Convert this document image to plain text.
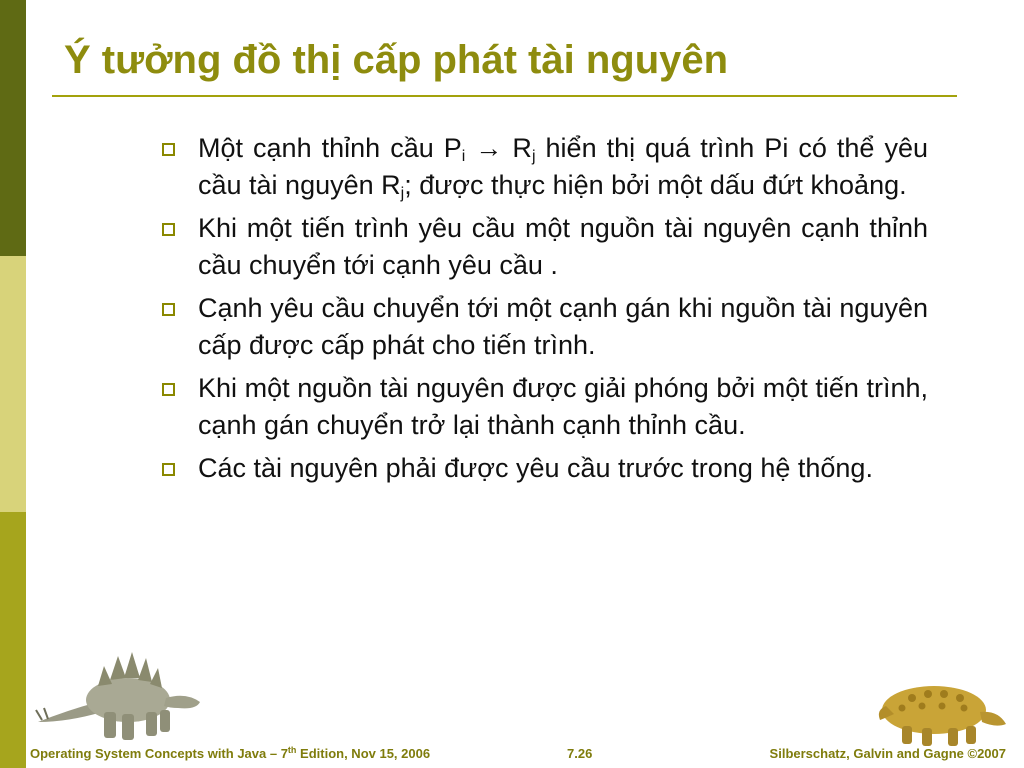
Ý tưởng đồ thị cấp phát tài nguyên
Một cạnh thỉnh cầu $P_i \to R_j$ hiển thị quá trình Pi có thể yêu cầu tài nguyên $R_j$; được thực hiện bởi một dấu đứt khoảng.
Khi một tiến trình yêu cầu một nguồn tài nguyên cạnh thỉnh cầu chuyển tới cạnh yêu cầu .
Cạnh yêu cầu chuyển tới một cạnh gán khi nguồn tài nguyên cấp được cấp phát cho tiến trình.
Khi một nguồn tài nguyên được giải phóng bởi một tiến trình, cạnh gán chuyển trở lại thành cạnh thỉnh cầu.
Các tài nguyên phải được yêu cầu trước trong hệ thống.
Operating System Concepts with Java – 7th Edition, Nov 15, 2006	7.26	Silberschatz, Galvin and Gagne ©2007
